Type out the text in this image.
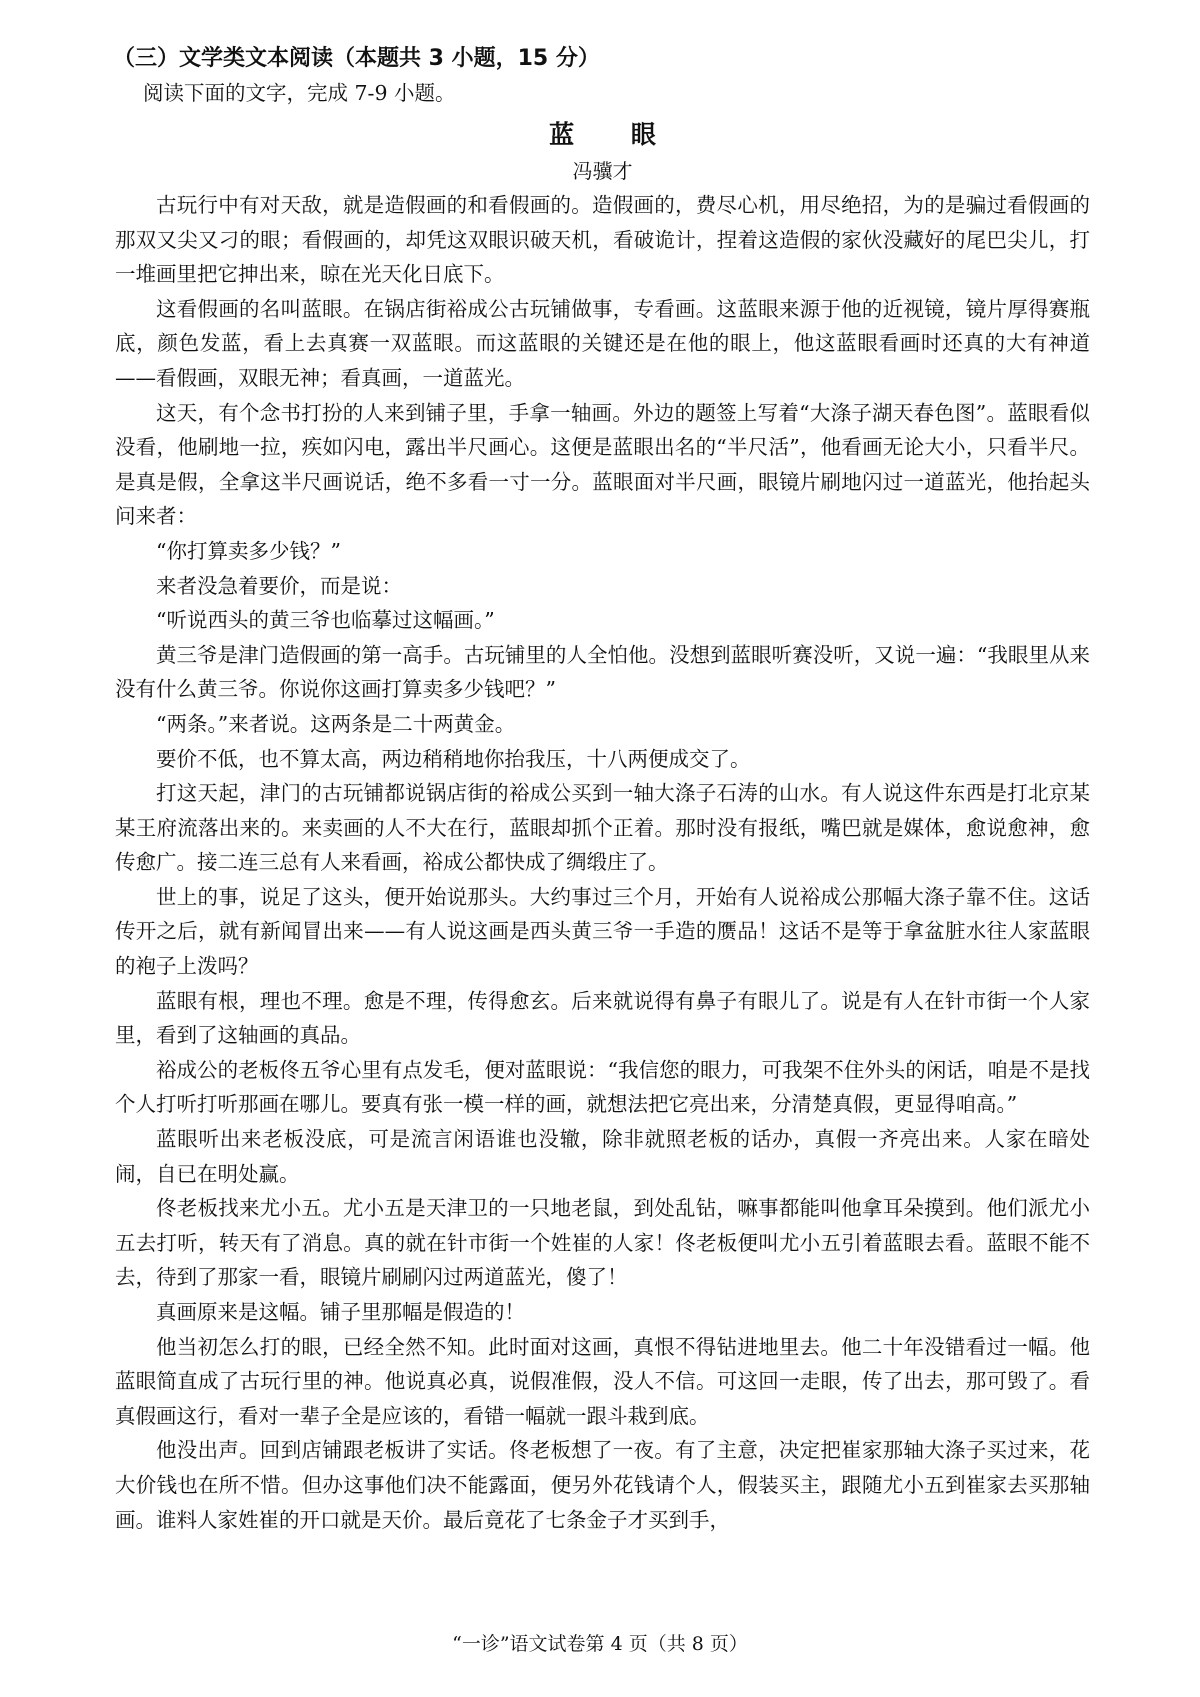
（三）文学类文本阅读（本题共 3 小题，15 分）
阅读下面的文字，完成 7-9 小题。
蓝 眼
冯骥才

古玩行中有对天敌，就是造假画的和看假画的。造假画的，费尽心机，用尽绝招，为的是骗过看假画的那双又尖又刁的眼；看假画的，却凭这双眼识破天机，看破诡计，捏着这造假的家伙没藏好的尾巴尖儿，打一堆画里把它抻出来，晾在光天化日底下。

这看假画的名叫蓝眼。在锅店街裕成公古玩铺做事，专看画。这蓝眼来源于他的近视镜，镜片厚得赛瓶底，颜色发蓝，看上去真赛一双蓝眼。而这蓝眼的关键还是在他的眼上，他这蓝眼看画时还真的大有神道——看假画，双眼无神；看真画，一道蓝光。

这天，有个念书打扮的人来到铺子里，手拿一轴画。外边的题签上写着“大涤子湖天春色图”。蓝眼看似没看，他刷地一拉，疾如闪电，露出半尺画心。这便是蓝眼出名的“半尺活”，他看画无论大小，只看半尺。是真是假，全拿这半尺画说话，绝不多看一寸一分。蓝眼面对半尺画，眼镜片刷地闪过一道蓝光，他抬起头问来者：

“你打算卖多少钱？”

来者没急着要价，而是说：

“听说西头的黄三爷也临摹过这幅画。”

黄三爷是津门造假画的第一高手。古玩铺里的人全怕他。没想到蓝眼听赛没听，又说一遍：“我眼里从来没有什么黄三爷。你说你这画打算卖多少钱吧？”

“两条。”来者说。这两条是二十两黄金。

要价不低，也不算太高，两边稍稍地你抬我压，十八两便成交了。

打这天起，津门的古玩铺都说锅店街的裕成公买到一轴大涤子石涛的山水。有人说这件东西是打北京某某王府流落出来的。来卖画的人不大在行，蓝眼却抓个正着。那时没有报纸，嘴巴就是媒体，愈说愈神，愈传愈广。接二连三总有人来看画，裕成公都快成了绸缎庄了。

世上的事，说足了这头，便开始说那头。大约事过三个月，开始有人说裕成公那幅大涤子靠不住。这话传开之后，就有新闻冒出来——有人说这画是西头黄三爷一手造的赝品！这话不是等于拿盆脏水往人家蓝眼的袍子上泼吗？

蓝眼有根，理也不理。愈是不理，传得愈玄。后来就说得有鼻子有眼儿了。说是有人在针市街一个人家里，看到了这轴画的真品。

裕成公的老板佟五爷心里有点发毛，便对蓝眼说：“我信您的眼力，可我架不住外头的闲话，咱是不是找个人打听打听那画在哪儿。要真有张一模一样的画，就想法把它亮出来，分清楚真假，更显得咱高。”

蓝眼听出来老板没底，可是流言闲语谁也没辙，除非就照老板的话办，真假一齐亮出来。人家在暗处闹，自已在明处赢。

佟老板找来尤小五。尤小五是天津卫的一只地老鼠，到处乱钻，嘛事都能叫他拿耳朵摸到。他们派尤小五去打听，转天有了消息。真的就在针市街一个姓崔的人家！佟老板便叫尤小五引着蓝眼去看。蓝眼不能不去，待到了那家一看，眼镜片刷刷闪过两道蓝光，傻了！

真画原来是这幅。铺子里那幅是假造的！

他当初怎么打的眼，已经全然不知。此时面对这画，真恨不得钻进地里去。他二十年没错看过一幅。他蓝眼简直成了古玩行里的神。他说真必真，说假准假，没人不信。可这回一走眼，传了出去，那可毁了。看真假画这行，看对一辈子全是应该的，看错一幅就一跟斗栽到底。

他没出声。回到店铺跟老板讲了实话。佟老板想了一夜。有了主意，决定把崔家那轴大涤子买过来，花大价钱也在所不惜。但办这事他们决不能露面，便另外花钱请个人，假装买主，跟随尤小五到崔家去买那轴画。谁料人家姓崔的开口就是天价。最后竟花了七条金子才买到手，

“一诊”语文试卷第 4 页（共 8 页）
